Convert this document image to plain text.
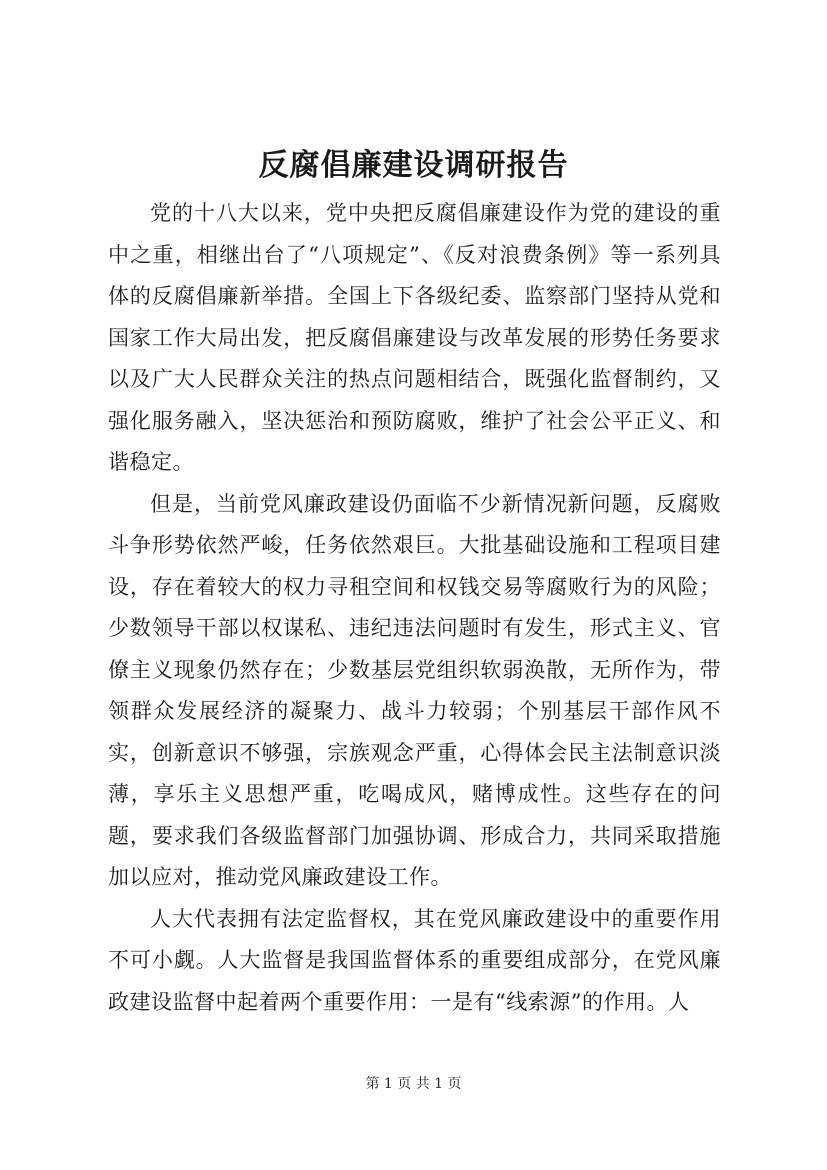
反腐倡廉建设调研报告

党的十八大以来，党中央把反腐倡廉建设作为党的建设的重中之重，相继出台了“八项规定”、《反对浪费条例》等一系列具体的反腐倡廉新举措。全国上下各级纪委、监察部门坚持从党和国家工作大局出发，把反腐倡廉建设与改革发展的形势任务要求以及广大人民群众关注的热点问题相结合，既强化监督制约，又强化服务融入，坚决惩治和预防腐败，维护了社会公平正义、和谐稳定。

但是，当前党风廉政建设仍面临不少新情况新问题，反腐败斗争形势依然严峻，任务依然艰巨。大批基础设施和工程项目建设，存在着较大的权力寻租空间和权钱交易等腐败行为的风险；少数领导干部以权谋私、违纪违法问题时有发生，形式主义、官僚主义现象仍然存在；少数基层党组织软弱涣散，无所作为，带领群众发展经济的凝聚力、战斗力较弱；个别基层干部作风不实，创新意识不够强，宗族观念严重，心得体会民主法制意识淡薄，享乐主义思想严重，吃喝成风，赌博成性。这些存在的问题，要求我们各级监督部门加强协调、形成合力，共同采取措施加以应对，推动党风廉政建设工作。

人大代表拥有法定监督权，其在党风廉政建设中的重要作用不可小觑。人大监督是我国监督体系的重要组成部分，在党风廉政建设监督中起着两个重要作用：一是有“线索源”的作用。人

第 1 页 共 1 页
